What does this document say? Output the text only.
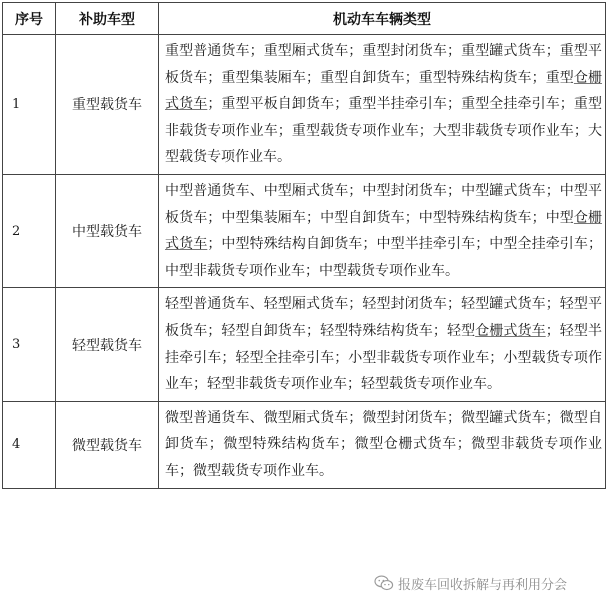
序号	补助车型	机动车车辆类型
1	重型载货车	重型普通货车；重型厢式货车；重型封闭货车；重型罐式货车；重型平板货车；重型集装厢车；重型自卸货车；重型特殊结构货车；重型仓栅式货车；重型平板自卸货车；重型半挂牵引车；重型全挂牵引车；重型非载货专项作业车；重型载货专项作业车；大型非载货专项作业车；大型载货专项作业车。
2	中型载货车	中型普通货车、中型厢式货车；中型封闭货车；中型罐式货车；中型平板货车；中型集装厢车；中型自卸货车；中型特殊结构货车；中型仓栅式货车；中型特殊结构自卸货车；中型半挂牵引车；中型全挂牵引车；中型非载货专项作业车；中型载货专项作业车。
3	轻型载货车	轻型普通货车、轻型厢式货车；轻型封闭货车；轻型罐式货车；轻型平板货车；轻型自卸货车；轻型特殊结构货车；轻型仓栅式货车；轻型半挂牵引车；轻型全挂牵引车；小型非载货专项作业车；小型载货专项作业车；轻型非载货专项作业车；轻型载货专项作业车。
4	微型载货车	微型普通货车、微型厢式货车；微型封闭货车；微型罐式货车；微型自卸货车；微型特殊结构货车；微型仓栅式货车；微型非载货专项作业车；微型载货专项作业车。
报废车回收拆解与再利用分会
